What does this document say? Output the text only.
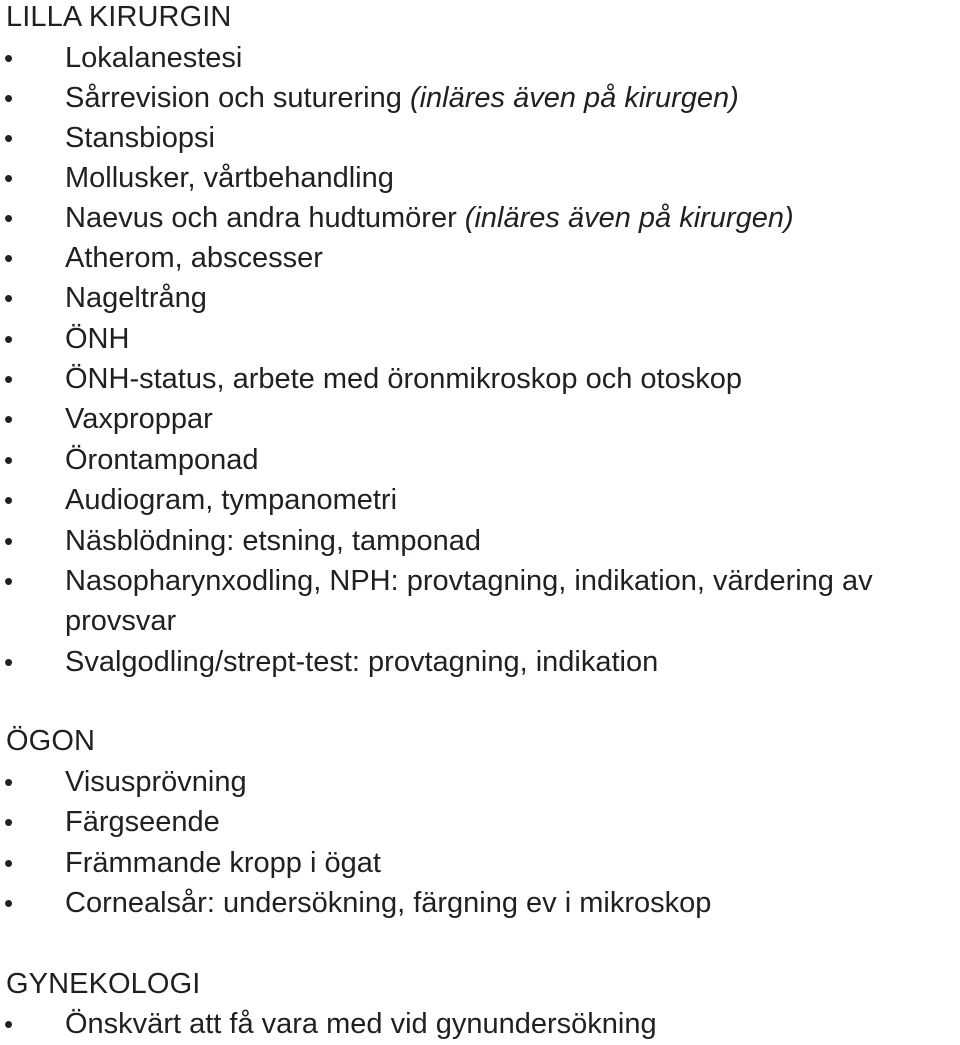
LILLA KIRURGIN
• Lokalanestesi
• Sårrevision och suturering (inläres även på kirurgen)
• Stansbiopsi
• Mollusker, vårtbehandling
• Naevus och andra hudtumörer (inläres även på kirurgen)
• Atherom, abscesser
• Nageltrång
• ÖNH
• ÖNH-status, arbete med öronmikroskop och otoskop
• Vaxproppar
• Örontamponad
• Audiogram, tympanometri
• Näsblödning: etsning, tamponad
• Nasopharynxodling, NPH: provtagning, indikation, värdering av
provsvar
• Svalgodling/strept-test: provtagning, indikation
ÖGON
• Visusprövning
• Färgseende
• Främmande kropp i ögat
• Cornealsår: undersökning, färgning ev i mikroskop
GYNEKOLOGI
• Önskvärt att få vara med vid gynundersökning
